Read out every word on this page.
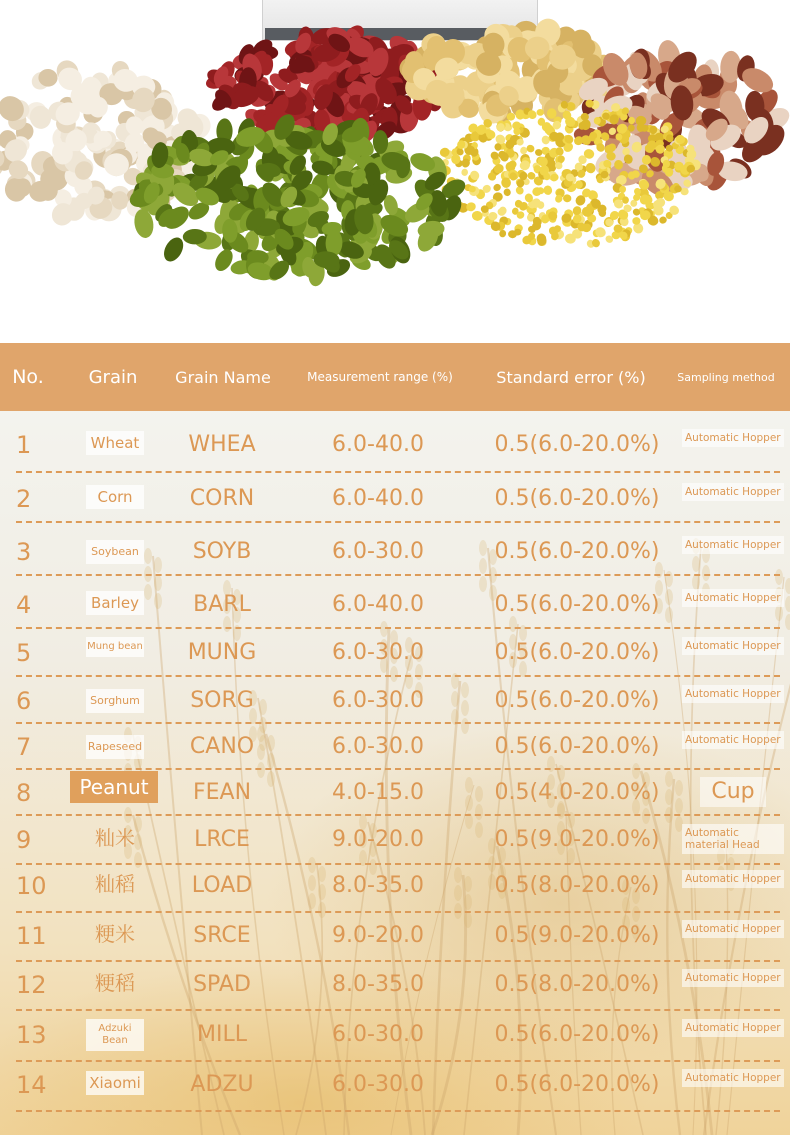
No.	Grain	Grain Name	Measurement range (%)	Standard error (%)	Sampling method
1	Wheat	WHEA	6.0-40.0	0.5(6.0-20.0%)	Automatic Hopper
2	Corn	CORN	6.0-40.0	0.5(6.0-20.0%)	Automatic Hopper
3	Soybean	SOYB	6.0-30.0	0.5(6.0-20.0%)	Automatic Hopper
4	Barley	BARL	6.0-40.0	0.5(6.0-20.0%)	Automatic Hopper
5	Mung bean	MUNG	6.0-30.0	0.5(6.0-20.0%)	Automatic Hopper
6	Sorghum	SORG	6.0-30.0	0.5(6.0-20.0%)	Automatic Hopper
7	Rapeseed	CANO	6.0-30.0	0.5(6.0-20.0%)	Automatic Hopper
8	Peanut	FEAN	4.0-15.0	0.5(4.0-20.0%)	Cup
9	籼米	LRCE	9.0-20.0	0.5(9.0-20.0%)	Automatic material Head
10	籼稻	LOAD	8.0-35.0	0.5(8.0-20.0%)	Automatic Hopper
11	粳米	SRCE	9.0-20.0	0.5(9.0-20.0%)	Automatic Hopper
12	粳稻	SPAD	8.0-35.0	0.5(8.0-20.0%)	Automatic Hopper
13	Adzuki Bean	MILL	6.0-30.0	0.5(6.0-20.0%)	Automatic Hopper
14	Xiaomi	ADZU	6.0-30.0	0.5(6.0-20.0%)	Automatic Hopper
